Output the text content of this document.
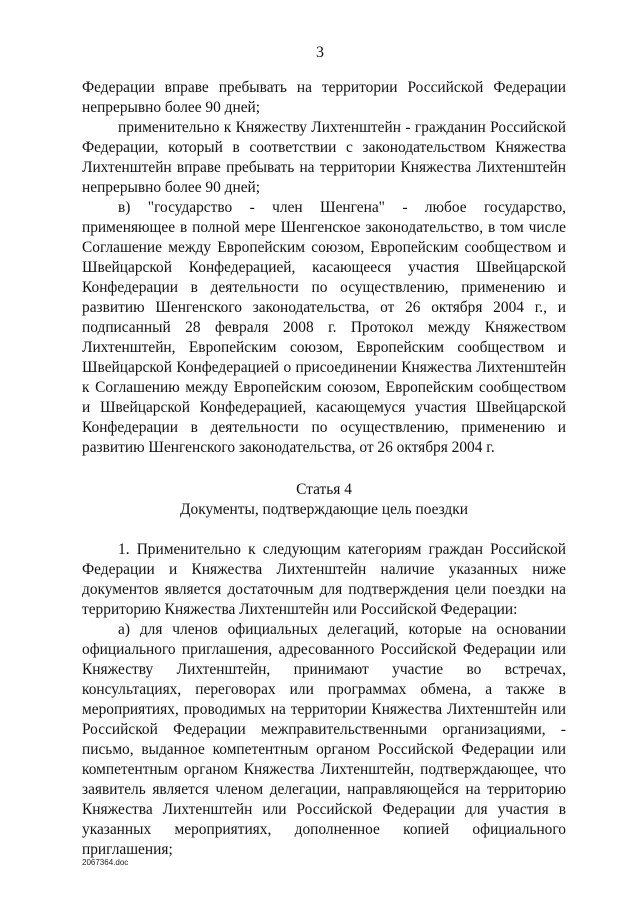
3

Федерации вправе пребывать на территории Российской Федерации непрерывно более 90 дней;

применительно к Княжеству Лихтенштейн - гражданин Российской Федерации, который в соответствии с законодательством Княжества Лихтенштейн вправе пребывать на территории Княжества Лихтенштейн непрерывно более 90 дней;

в) "государство - член Шенгена" - любое государство, применяющее в полной мере Шенгенское законодательство, в том числе Соглашение между Европейским союзом, Европейским сообществом и Швейцарской Конфедерацией, касающееся участия Швейцарской Конфедерации в деятельности по осуществлению, применению и развитию Шенгенского законодательства, от 26 октября 2004 г., и подписанный 28 февраля 2008 г. Протокол между Княжеством Лихтенштейн, Европейским союзом, Европейским сообществом и Швейцарской Конфедерацией о присоединении Княжества Лихтенштейн к Соглашению между Европейским союзом, Европейским сообществом и Швейцарской Конфедерацией, касающемуся участия Швейцарской Конфедерации в деятельности по осуществлению, применению и развитию Шенгенского законодательства, от 26 октября 2004 г.

Статья 4

Документы, подтверждающие цель поездки

1. Применительно к следующим категориям граждан Российской Федерации и Княжества Лихтенштейн наличие указанных ниже документов является достаточным для подтверждения цели поездки на территорию Княжества Лихтенштейн или Российской Федерации:

а) для членов официальных делегаций, которые на основании официального приглашения, адресованного Российской Федерации или Княжеству Лихтенштейн, принимают участие во встречах, консультациях, переговорах или программах обмена, а также в мероприятиях, проводимых на территории Княжества Лихтенштейн или Российской Федерации межправительственными организациями, - письмо, выданное компетентным органом Российской Федерации или компетентным органом Княжества Лихтенштейн, подтверждающее, что заявитель является членом делегации, направляющейся на территорию Княжества Лихтенштейн или Российской Федерации для участия в указанных мероприятиях, дополненное копией официального приглашения;

2067364.doc
